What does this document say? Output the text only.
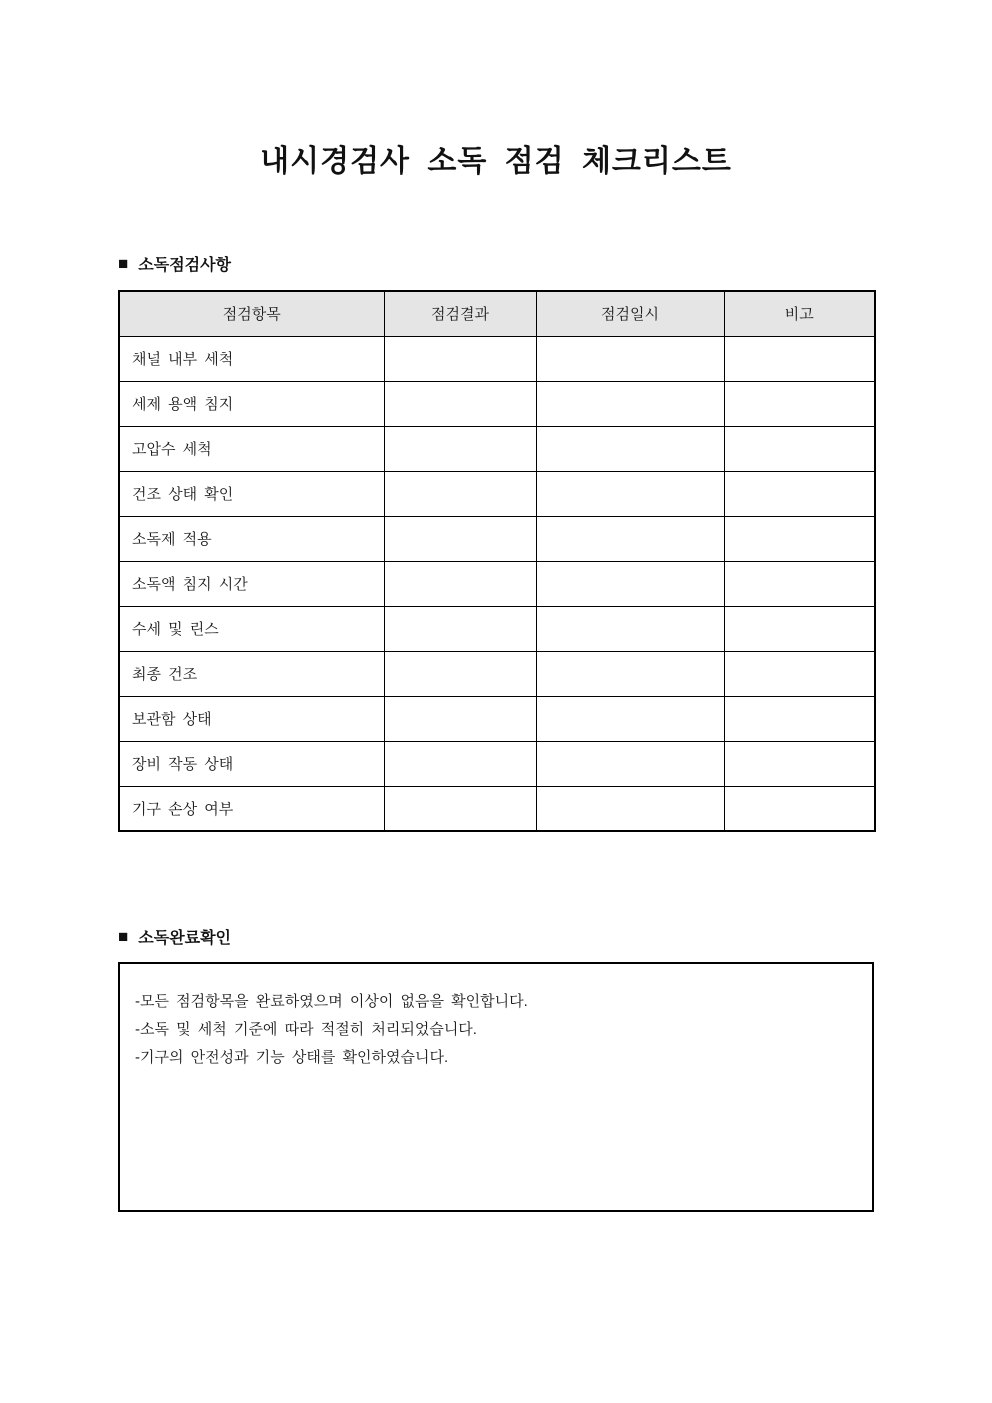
내시경검사 소독 점검 체크리스트
■ 소독점검사항
점검항목	점검결과	점검일시	비고
채널 내부 세척			
세제 용액 침지			
고압수 세척			
건조 상태 확인			
소독제 적용			
소독액 침지 시간			
수세 및 린스			
최종 건조			
보관함 상태			
장비 작동 상태			
기구 손상 여부			
■ 소독완료확인
-모든 점검항목을 완료하였으며 이상이 없음을 확인합니다.
-소독 및 세척 기준에 따라 적절히 처리되었습니다.
-기구의 안전성과 기능 상태를 확인하였습니다.
